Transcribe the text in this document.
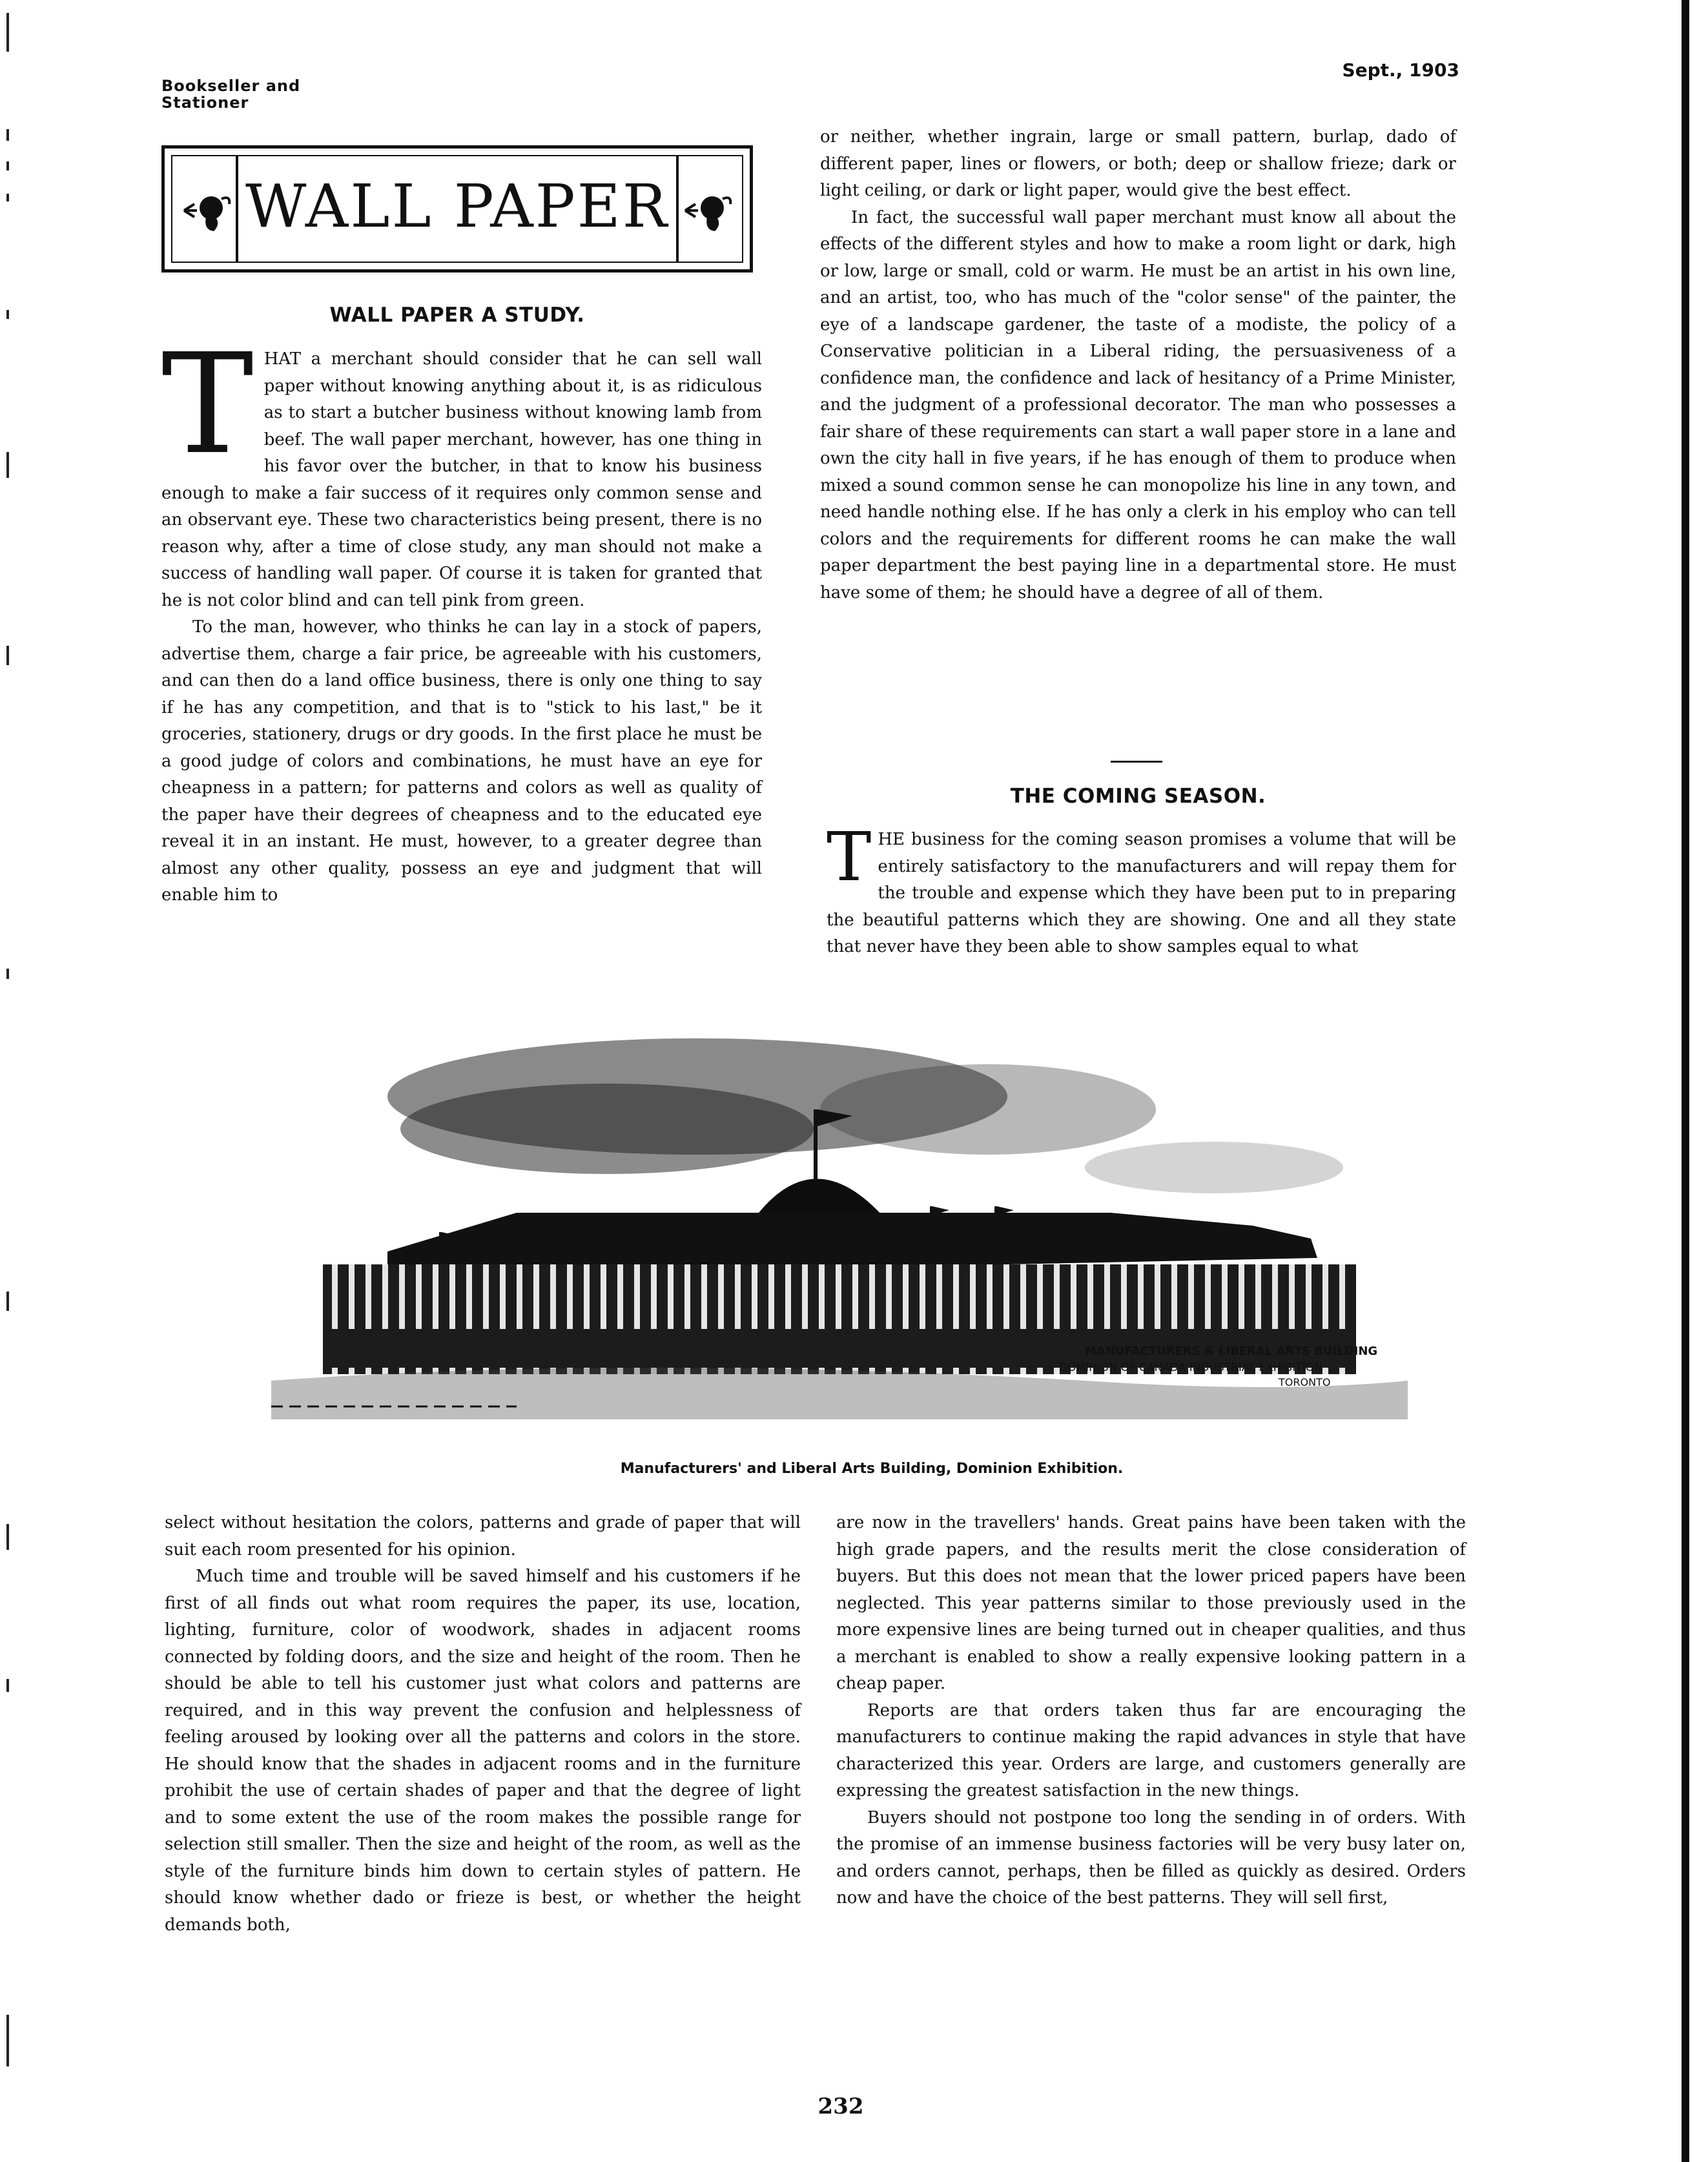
Bookseller and Stationer
Sept., 1903
WALL PAPER
WALL PAPER A STUDY.
T HAT a merchant should consider that he can sell wall paper without knowing anything about it, is as ridiculous as to start a butcher business without knowing lamb from beef. The wall paper merchant, however, has one thing in his favor over the butcher, in that to know his business enough to make a fair success of it requires only common sense and an observant eye. These two characteristics being present, there is no reason why, after a time of close study, any man should not make a success of handling wall paper. Of course it is taken for granted that he is not color blind and can tell pink from green.

To the man, however, who thinks he can lay in a stock of papers, advertise them, charge a fair price, be agreeable with his customers, and can then do a land office business, there is only one thing to say if he has any competition, and that is to "stick to his last," be it groceries, stationery, drugs or dry goods. In the first place he must be a good judge of colors and combinations, he must have an eye for cheapness in a pattern; for patterns and colors as well as quality of the paper have their degrees of cheapness and to the educated eye reveal it in an instant. He must, however, to a greater degree than almost any other quality, possess an eye and judgment that will enable him to

or neither, whether ingrain, large or small pattern, burlap, dado of different paper, lines or flowers, or both; deep or shallow frieze; dark or light ceiling, or dark or light paper, would give the best effect.

In fact, the successful wall paper merchant must know all about the effects of the different styles and how to make a room light or dark, high or low, large or small, cold or warm. He must be an artist in his own line, and an artist, too, who has much of the "color sense" of the painter, the eye of a landscape gardener, the taste of a modiste, the policy of a Conservative politician in a Liberal riding, the persuasiveness of a confidence man, the confidence and lack of hesitancy of a Prime Minister, and the judgment of a professional decorator. The man who possesses a fair share of these requirements can start a wall paper store in a lane and own the city hall in five years, if he has enough of them to produce when mixed a sound common sense he can monopolize his line in any town, and need handle nothing else. If he has only a clerk in his employ who can tell colors and the requirements for different rooms he can make the wall paper department the best paying line in a departmental store. He must have some of them; he should have a degree of all of them.

THE COMING SEASON.
T HE business for the coming season promises a volume that will be entirely satisfactory to the manufacturers and will repay them for the trouble and expense which they have been put to in preparing the beautiful patterns which they are showing. One and all they state that never have they been able to show samples equal to what

MANUFACTURERS & LIBERAL ARTS BUILDING
DOMINION OF CANADA INDUSTRIAL EXHIBITION
TORONTO
Manufacturers' and Liberal Arts Building, Dominion Exhibition.

select without hesitation the colors, patterns and grade of paper that will suit each room presented for his opinion.

Much time and trouble will be saved himself and his customers if he first of all finds out what room requires the paper, its use, location, lighting, furniture, color of woodwork, shades in adjacent rooms connected by folding doors, and the size and height of the room. Then he should be able to tell his customer just what colors and patterns are required, and in this way prevent the confusion and helplessness of feeling aroused by looking over all the patterns and colors in the store. He should know that the shades in adjacent rooms and in the furniture prohibit the use of certain shades of paper and that the degree of light and to some extent the use of the room makes the possible range for selection still smaller. Then the size and height of the room, as well as the style of the furniture binds him down to certain styles of pattern. He should know whether dado or frieze is best, or whether the height demands both,

are now in the travellers' hands. Great pains have been taken with the high grade papers, and the results merit the close consideration of buyers. But this does not mean that the lower priced papers have been neglected. This year patterns similar to those previously used in the more expensive lines are being turned out in cheaper qualities, and thus a merchant is enabled to show a really expensive looking pattern in a cheap paper.

Reports are that orders taken thus far are encouraging the manufacturers to continue making the rapid advances in style that have characterized this year. Orders are large, and customers generally are expressing the greatest satisfaction in the new things.

Buyers should not postpone too long the sending in of orders. With the promise of an immense business factories will be very busy later on, and orders cannot, perhaps, then be filled as quickly as desired. Orders now and have the choice of the best patterns. They will sell first,

232
